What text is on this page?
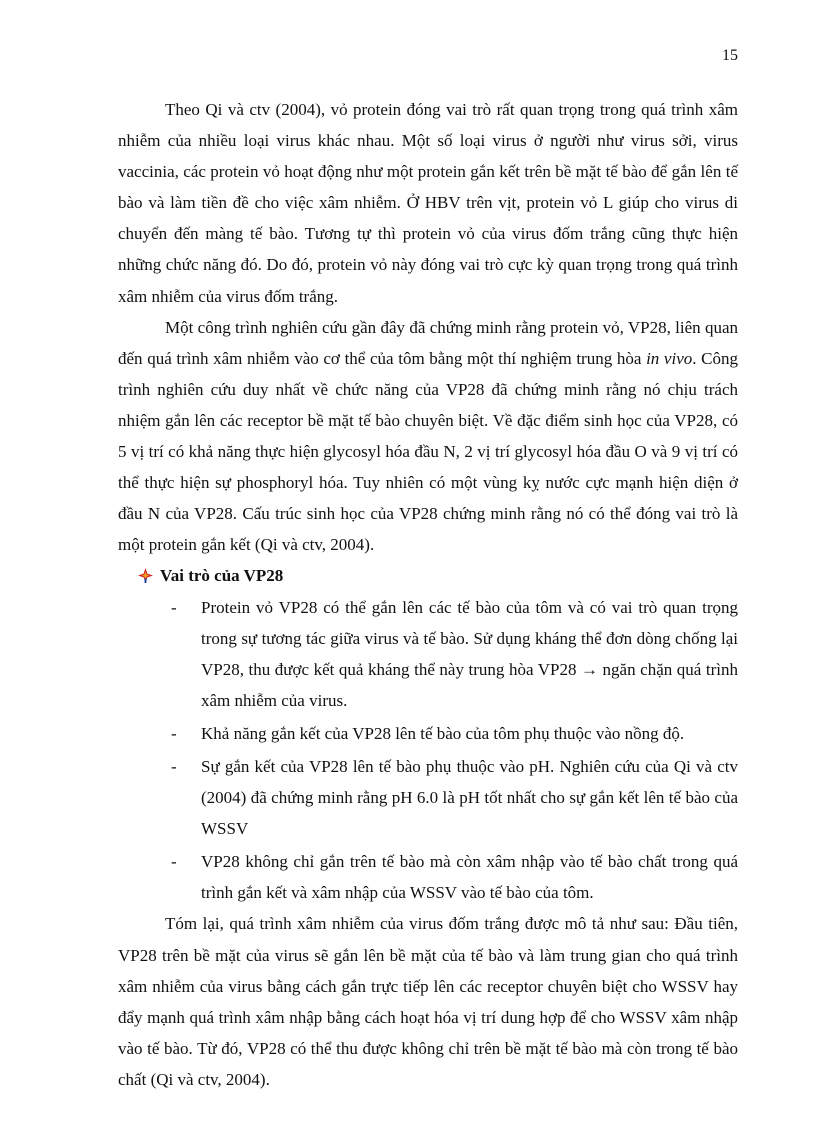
15

Theo Qi và ctv (2004), vỏ protein đóng vai trò rất quan trọng trong quá trình xâm nhiễm của nhiều loại virus khác nhau. Một số loại virus ở người như virus sởi, virus vaccinia, các protein vỏ hoạt động như một protein gắn kết trên bề mặt tế bào để gắn lên tế bào và làm tiền đề cho việc xâm nhiễm. Ở HBV trên vịt, protein vỏ L giúp cho virus di chuyển đến màng tế bào. Tương tự thì protein vỏ của virus đốm trắng cũng thực hiện những chức năng đó. Do đó, protein vỏ này đóng vai trò cực kỳ quan trọng trong quá trình xâm nhiễm của virus đốm trắng.

Một công trình nghiên cứu gần đây đã chứng minh rằng protein vỏ, VP28, liên quan đến quá trình xâm nhiễm vào cơ thể của tôm bằng một thí nghiệm trung hòa in vivo. Công trình nghiên cứu duy nhất về chức năng của VP28 đã chứng minh rằng nó chịu trách nhiệm gắn lên các receptor bề mặt tế bào chuyên biệt. Về đặc điểm sinh học của VP28, có 5 vị trí có khả năng thực hiện glycosyl hóa đầu N, 2 vị trí glycosyl hóa đầu O và 9 vị trí có thể thực hiện sự phosphoryl hóa. Tuy nhiên có một vùng kỵ nước cực mạnh hiện diện ở đầu N của VP28. Cấu trúc sinh học của VP28 chứng minh rằng nó có thể đóng vai trò là một protein gắn kết (Qi và ctv, 2004).

Vai trò của VP28
- Protein vỏ VP28 có thể gắn lên các tế bào của tôm và có vai trò quan trọng trong sự tương tác giữa virus và tế bào. Sử dụng kháng thể đơn dòng chống lại VP28, thu được kết quả kháng thể này trung hòa VP28 → ngăn chặn quá trình xâm nhiễm của virus.
- Khả năng gắn kết của VP28 lên tế bào của tôm phụ thuộc vào nồng độ.
- Sự gắn kết của VP28 lên tế bào phụ thuộc vào pH. Nghiên cứu của Qi và ctv (2004) đã chứng minh rằng pH 6.0 là pH tốt nhất cho sự gắn kết lên tế bào của WSSV
- VP28 không chỉ gắn trên tế bào mà còn xâm nhập vào tế bào chất trong quá trình gắn kết và xâm nhập của WSSV vào tế bào của tôm.

Tóm lại, quá trình xâm nhiễm của virus đốm trắng được mô tả như sau: Đầu tiên, VP28 trên bề mặt của virus sẽ gắn lên bề mặt của tế bào và làm trung gian cho quá trình xâm nhiễm của virus bằng cách gắn trực tiếp lên các receptor chuyên biệt cho WSSV hay đẩy mạnh quá trình xâm nhập bằng cách hoạt hóa vị trí dung hợp để cho WSSV xâm nhập vào tế bào. Từ đó, VP28 có thể thu được không chỉ trên bề mặt tế bào mà còn trong tế bào chất (Qi và ctv, 2004).
